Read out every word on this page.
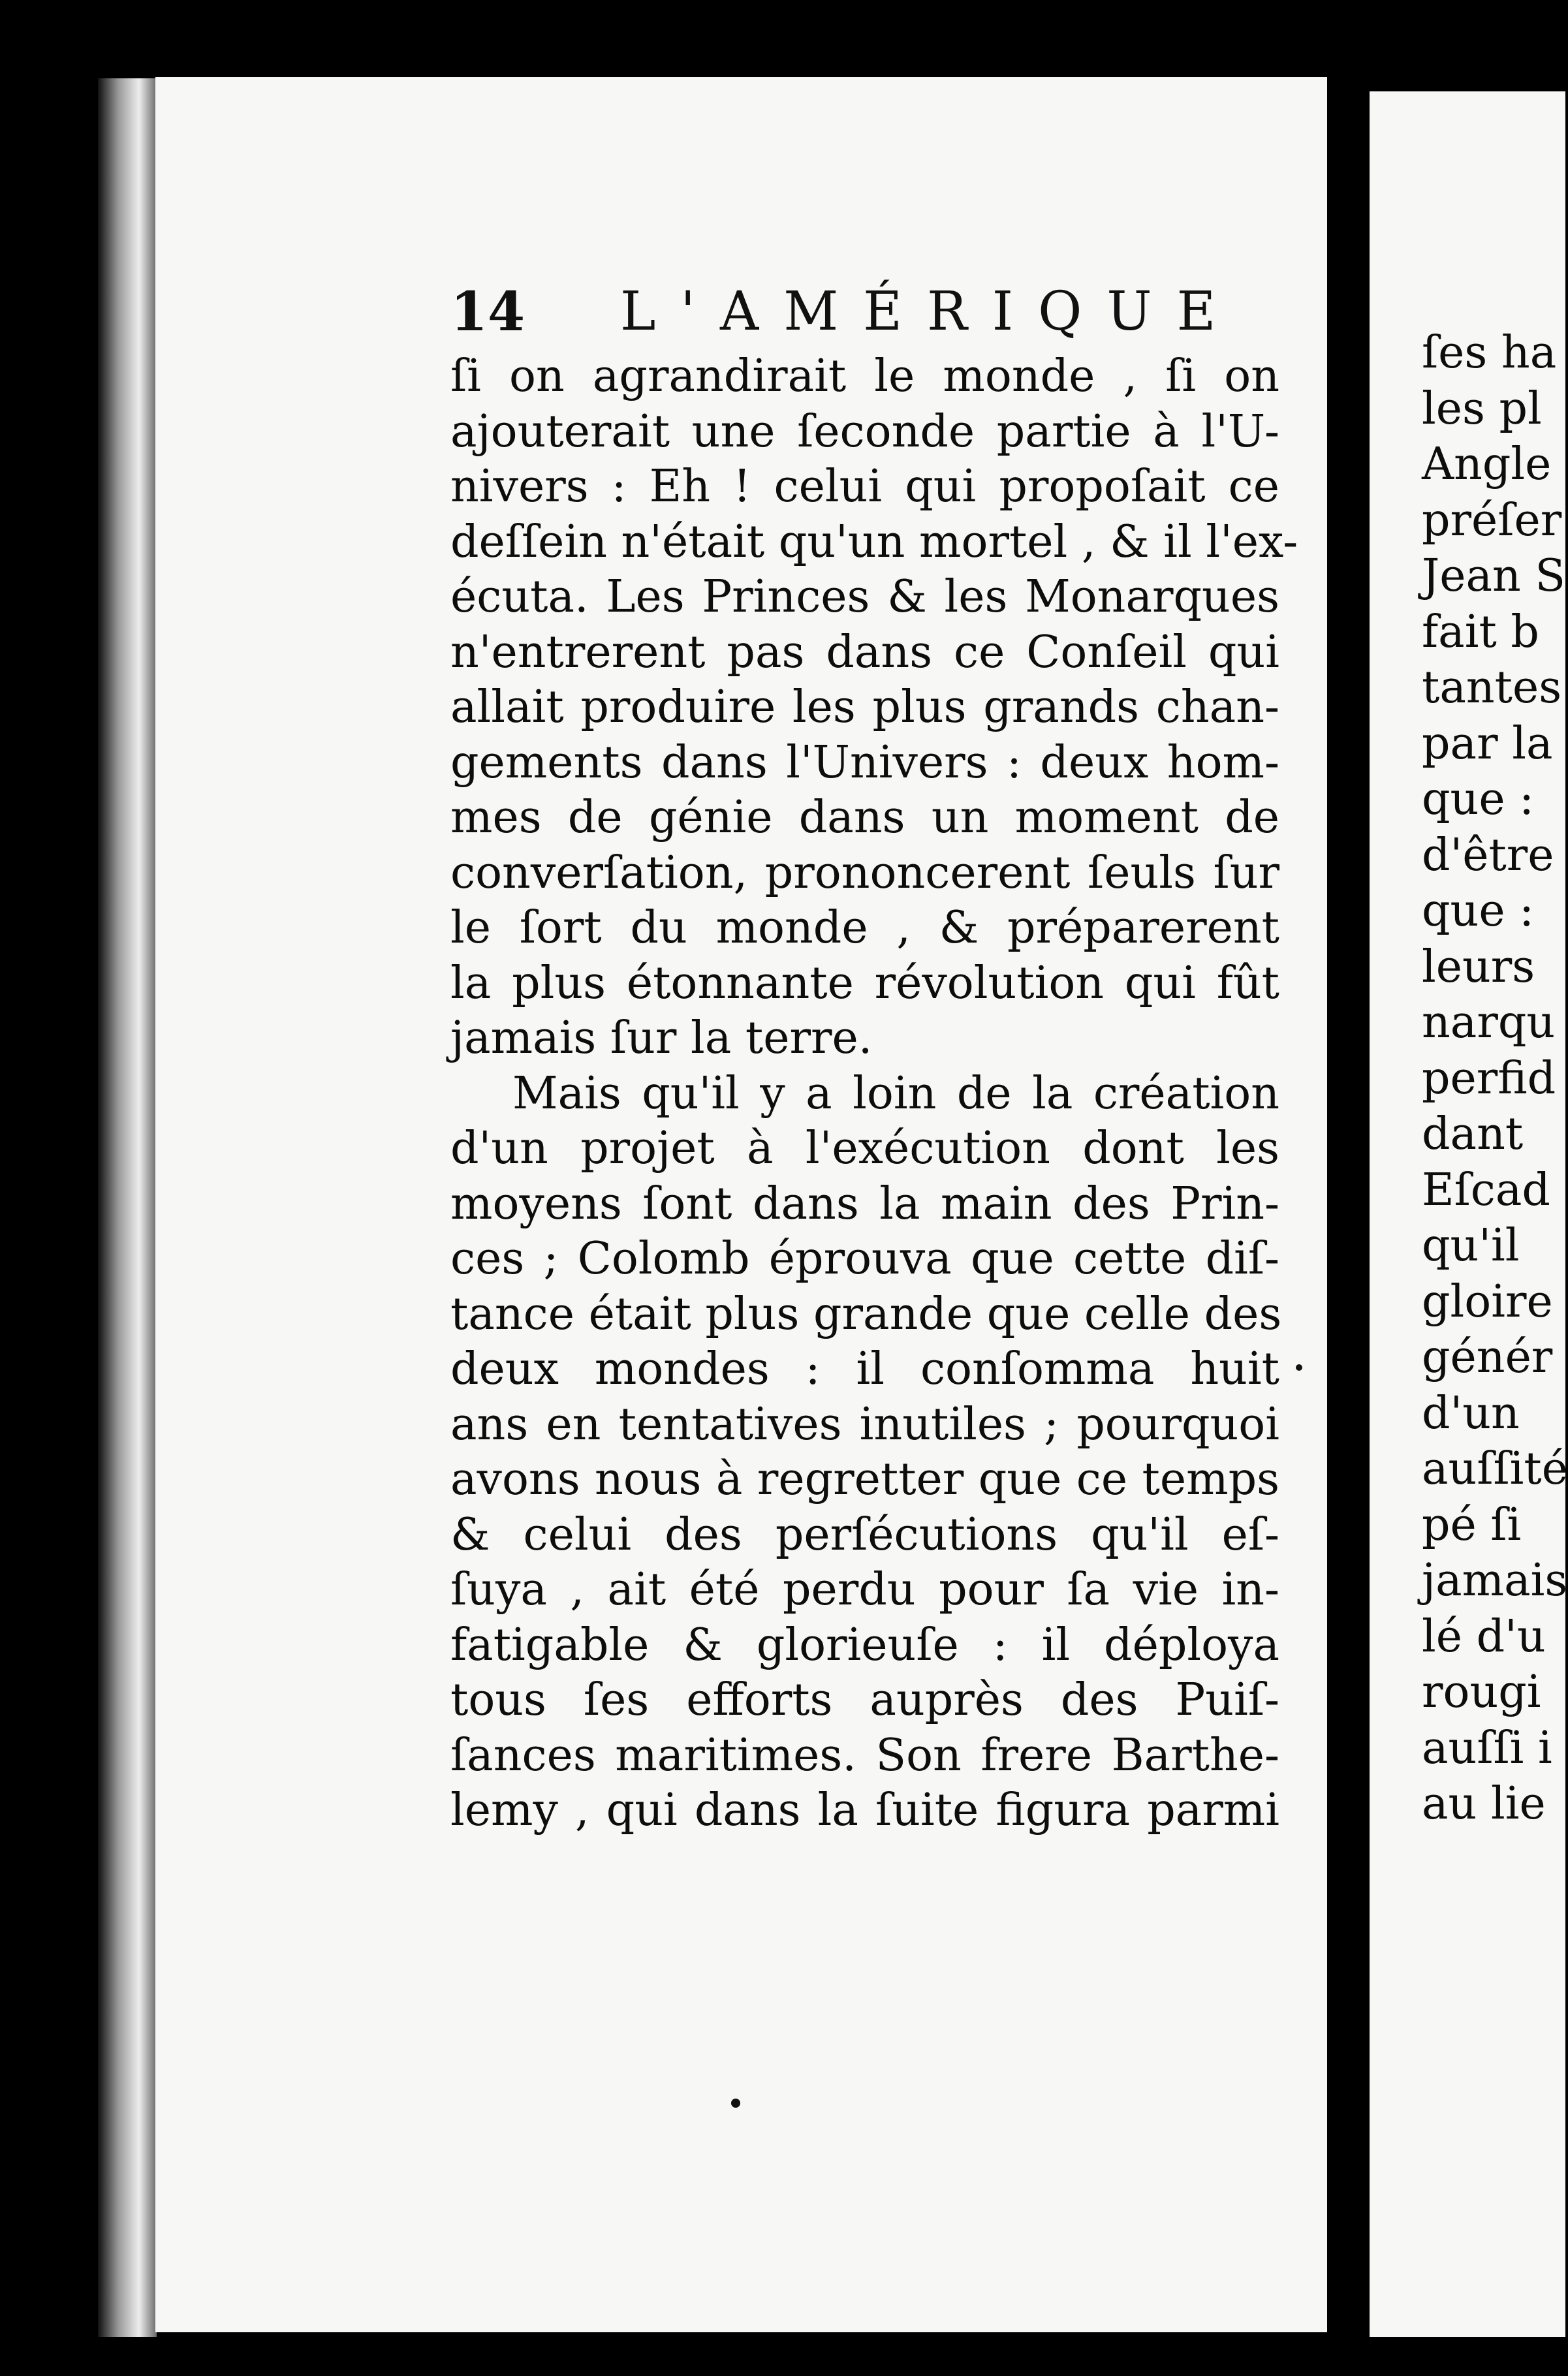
14 L'AMÉRIQUE
ſi on agrandirait le monde , ſi on
ajouterait une ſeconde partie à l'U-
nivers : Eh ! celui qui propoſait ce
deſſein n'était qu'un mortel , & il l'ex-
écuta. Les Princes & les Monarques
n'entrerent pas dans ce Conſeil qui
allait produire les plus grands chan-
gements dans l'Univers : deux hom-
mes de génie dans un moment de
converſation, prononcerent ſeuls ſur
le ſort du monde , & préparerent
la plus étonnante révolution qui fût
jamais ſur la terre.
Mais qu'il y a loin de la création
d'un projet à l'exécution dont les
moyens ſont dans la main des Prin-
ces ; Colomb éprouva que cette diſ-
tance était plus grande que celle des
deux mondes : il conſomma huit
ans en tentatives inutiles ; pourquoi
avons nous à regretter que ce temps
& celui des perſécutions qu'il eſ-
ſuya , ait été perdu pour ſa vie in-
fatigable & glorieuſe : il déploya
tous ſes efforts auprès des Puiſ-
ſances maritimes. Son frere Barthe-
lemy , qui dans la ſuite figura parmi
ſes ha
les pl
Angle
préſer
Jean S
fait b
tantes
par la
que :
d'être
que :
leurs
narqu
perfid
dant
Eſcad
qu'il
gloire
génér
d'un
auſſité
pé ſi
jamais
lé d'u
rougi
auſſi i
au lie
